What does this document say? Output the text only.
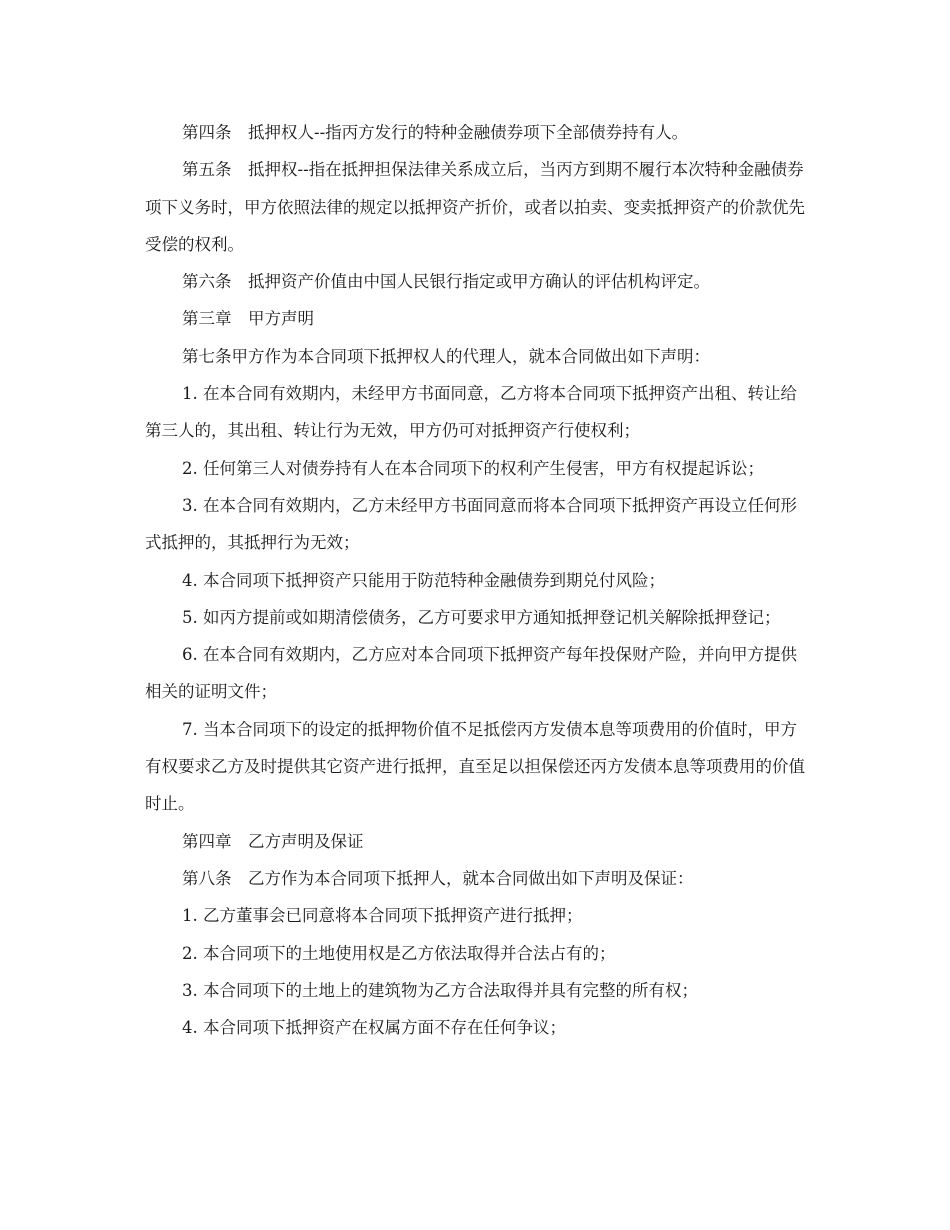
第四条　抵押权人--指丙方发行的特种金融债券项下全部债券持有人。

第五条　抵押权--指在抵押担保法律关系成立后，当丙方到期不履行本次特种金融债券项下义务时，甲方依照法律的规定以抵押资产折价，或者以拍卖、变卖抵押资产的价款优先受偿的权利。

第六条　抵押资产价值由中国人民银行指定或甲方确认的评估机构评定。

第三章　甲方声明

第七条甲方作为本合同项下抵押权人的代理人，就本合同做出如下声明：

1. 在本合同有效期内，未经甲方书面同意，乙方将本合同项下抵押资产出租、转让给第三人的，其出租、转让行为无效，甲方仍可对抵押资产行使权利；

2. 任何第三人对债券持有人在本合同项下的权利产生侵害，甲方有权提起诉讼；

3. 在本合同有效期内，乙方未经甲方书面同意而将本合同项下抵押资产再设立任何形式抵押的，其抵押行为无效；

4. 本合同项下抵押资产只能用于防范特种金融债券到期兑付风险；

5. 如丙方提前或如期清偿债务，乙方可要求甲方通知抵押登记机关解除抵押登记；

6. 在本合同有效期内，乙方应对本合同项下抵押资产每年投保财产险，并向甲方提供相关的证明文件；

7. 当本合同项下的设定的抵押物价值不足抵偿丙方发债本息等项费用的价值时，甲方有权要求乙方及时提供其它资产进行抵押，直至足以担保偿还丙方发债本息等项费用的价值时止。

第四章　乙方声明及保证

第八条　乙方作为本合同项下抵押人，就本合同做出如下声明及保证：

1. 乙方董事会已同意将本合同项下抵押资产进行抵押；

2. 本合同项下的土地使用权是乙方依法取得并合法占有的；

3. 本合同项下的土地上的建筑物为乙方合法取得并具有完整的所有权；

4. 本合同项下抵押资产在权属方面不存在任何争议；
